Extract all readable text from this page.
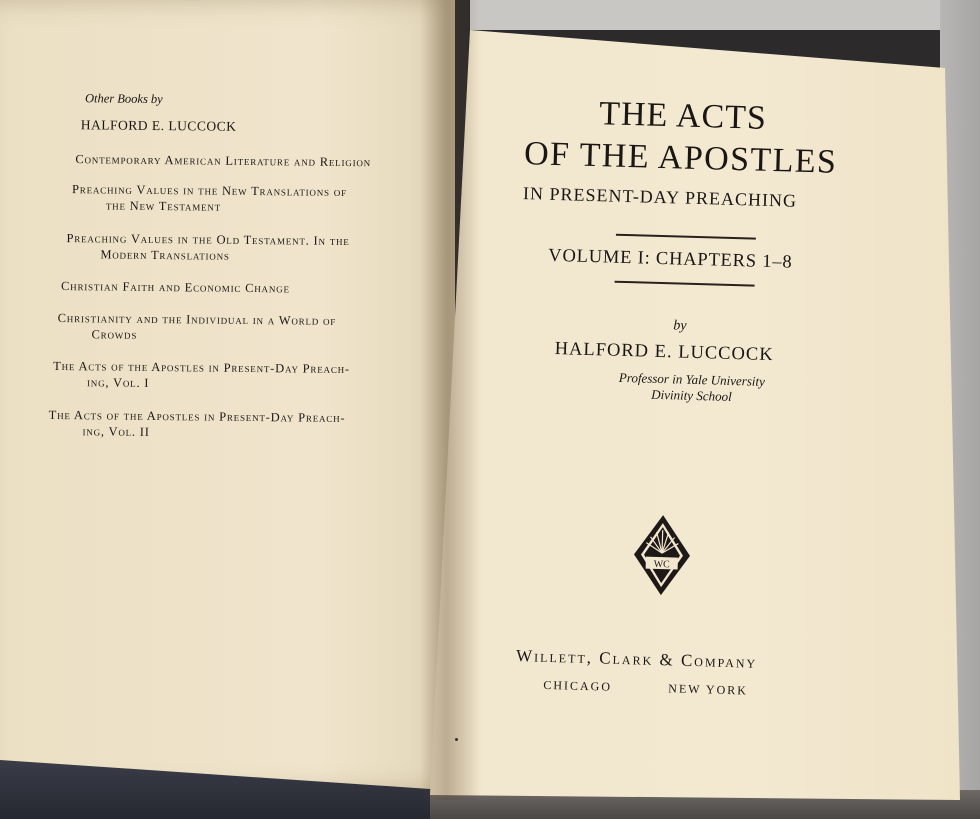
Other Books by
HALFORD E. LUCCOCK
Contemporary American Literature and Religion
Preaching Values in the New Translations of
the New Testament
Preaching Values in the Old Testament. In the
Modern Translations
Christian Faith and Economic Change
Christianity and the Individual in a World of
Crowds
The Acts of the Apostles in Present-Day Preach-
ing, Vol. I
The Acts of the Apostles in Present-Day Preach-
ing, Vol. II
THE ACTS
OF THE APOSTLES
IN PRESENT-DAY PREACHING
VOLUME I: CHAPTERS 1–8
by
HALFORD E. LUCCOCK
Professor in Yale University
Divinity School
WC
Willett, Clark & Company
CHICAGO	NEW YORK
